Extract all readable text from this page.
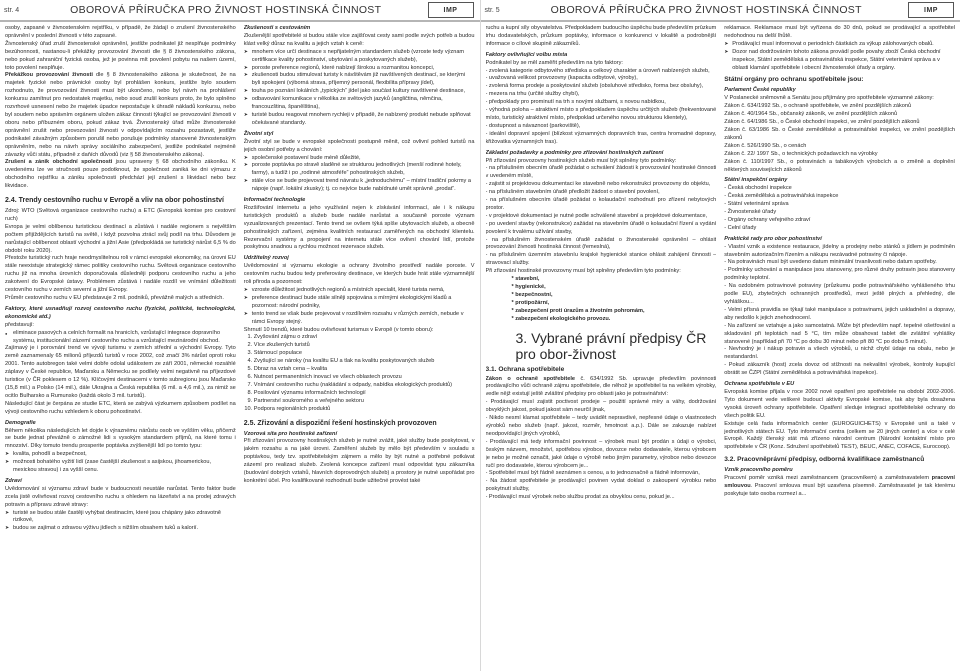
str. 4	OBOROVÁ PŘÍRUČKA PRO ŽIVNOST HOSTINSKÁ ČINNOST	IMP

osoby, zapsané v živnostenském rejstříku, v případě, že žádají o zrušení živnostenského oprávnění v poslední živnosti v této zapsané.

Živnostenský úřad zruší živnostenské oprávnění, jestliže podnikatel již nesplňuje podmínky bezúhonnosti, nastanou-li překážky provozování živnosti dle § 8 živnostenského zákona, nebo pokud zahraniční fyzická osoba, jež je povinna mít povolení pobytu na našem území, toto povolení nesplňuje.

Překážkou provozování živnosti dle § 8 živnostenského zákona je skutečnost, že na majetek fyzické nebo právnické osoby byl prohlášen konkurs, jestliže bylo soudem rozhodnuto, že provozování živnosti musí být ukončeno, nebo byl návrh na prohlášení konkursu zamítnut pro nedostatek majetku, nebo soud zrušil konkurs proto, že bylo splněno rozvrhové usnesení nebo že majetek úpadce nepostačuje k úhradě nákladů konkursu, nebo byl soudem nebo správním orgánem uložen zákaz činnosti týkající se provozování živnosti v oboru nebo příbuzném oboru, pokud zákaz trvá. Živnostenský úřad může živnostenské oprávnění zrušit nebo provozování živnosti v odpovídajícím rozsahu pozastavit, jestliže podnikatel závažným způsobem porušil nebo porušuje podmínky stanovené živnostenským oprávněním, nebo na návrh správy sociálního zabezpečení, jestliže podnikatel nejméně závazky vůči státu, případně z daňích důvodů (viz § 58 živnostenského zákona).

Zrušení a zánik obchodní společnosti jsou upraveny § 68 obchodního zákoníku. K uvedenému lze ve stručnosti pouze podotknout, že společnost zaniká ke dni výmazu z obchodního rejstříku a zániku společnosti předchází její zrušení s likvidací nebo bez likvidace.

2.4. Trendy cestovního ruchu v Evropě a vliv na obor pohostinství

Zdroj: WTO (Světová organizace cestovního ruchu) a ETC (Evropská komise pro cestovní ruch)

Evropa je velmi oblíbenou turistickou destinací a zůstává i nadále regionem s největším počtem přijíždějících turistů na světě, i když pozvolna ztrácí svůj podíl na trhu. Důvodem je narůstající oblíbenost oblastí východní a jižní Asie (předpokládá se turistický nárůst 6,5 % do období roku 2020).

Přestože turistický ruch hraje neodmyslitelnou roli v rámci evropské ekonomiky, na úrovni EU stále neexistuje strategický rámec politiky cestovního ruchu. Světová organizace cestovního ruchu již na mnoha úrovních doporučovala důsledněji podporu cestovního ruchu a jeho zakotvení do Evropské ústavy. Problémem zůstává i nadále rozdíl ve vnímání důležitosti cestovního ruchu v zemích severní a jižní Evropy.

Průměr cestovního ruchu v EU představuje 2 mil. podniků, převážně malých a středních.

Faktory, které usnadňují rozvoj cestovního ruchu (fyzické, politické, technologické, ekonomické atd.)

představují:

● eliminace pasových a celních formalit na hranicích, vzrůstající integrace dopravního systému, institucionální zázemí cestovního ruchu a vzrůstající mezinárodní obchod.

Zajímavý je i porovnání trend ve vývoji turismu v zemích střední a východní Evropy. Tyto země zaznamenaly 65 milionů příjezdů turistů v roce 2002, což značí 3% nárůst oproti roku 2001. Tento autobregon také velmi dobře odolal událostem ze září 2001, německé rozsáhlé záplavy v České republice, Maďarsku a Německu se podílely velmi negativně na příjezdové turistice (v ČR poklesem o 12 %). Klíčovými destinacemi v tomto subregionu jsou Maďarsko (15,8 mil.) a Polsko (14 mil.), dále Ukrajina a Česká republika (6 mil. a 4,6 mil.), za nimiž se ocitlo Bulharsko a Rumunsko (každá okolo 3 mil. turistů).

Následující část je čerpána ze studie ETC, která se zabývá výzkumem způsobem podílet na vývoji cestovního ruchu vzhledem k oboru pohostinství.

Demografie

Během několika následujících let dojde k výraznému nárůstu osob ve vyšším věku, přičemž se bude jednat převážně o zámožné lidi s vysokým standardem příjmů, na které tomu i mnozství. Díky tomuto trendu prosperite poptávka zvýšenější lidí po tomto typu:

➤ kvalita, pohodlí a bezpečnost,
➤ možnosti bohatého vyžití lidí (zase častější zkušenost s asijskou, jihoamerickou, mexickou stravou) i za vyšší cenu.

Zdraví

Uvědomování si významu zdraví bude v budoucnosti neustále narůstat. Tento faktor bude zcela jistě ovlivňovat rozvoj cestovního ruchu s ohledem na lázeňství a na prodej zdravých potravin a přípravu zdravé stravy:

➤ turisté se budou stále častěji vyhýbat destinacím, které jsou chápány jako zdravotně rizikové,
➤ budou se zajímat o zdravou výživu jídlech s nižším obsahem tuků a kalorií.

Zkušenosti s cestováním

Zkušenější spotřebitelé si budou stále více zajišťovat cesty sami podle svých potřeb a budou klást velký důraz na kvalitu a jejich vztah k ceně:

➤ mnohem více určí destinace s nepřijatelným standardem služeb (vzroste tedy význam certifikace kvality pohostinství, ubytování a poskytovaných služeb),
➤ poroste preference regionů, které nabízejí širokou a rozmanitou koncepci,
➤ zkušenosti budou stimulovat turisty k návštěvám již navštívených destinací, se kterými byli spokojeni (výborná strava, příjemný personál, flexibilita přípravy jídel),
➤ touha po poznání lokálních „typických“ jídel jako součást kultury navštívené destinace,
➤ odbavování komunikace v několika ze světových jazyků (angličtina, němčina, francouzština, španělština),
➤ turisté budou reagovat mnohem rychleji v případě, že nabízený produkt nebude splňovat očekávané standardy.

Životní styl

Životní styl se bude v evropské společnosti postupně měnit, což ovlivní pohled turistů na jejich osobní potřeby a chování:

➤ společenské postavení bude méně důležité,
➤ poroste poptávka po stravě sladěné se strukturou jednotlivých (menší rodinné hotely, farmy), a tudíž i po „rodinné atmosféře“ pohostinských služeb,
➤ stále více se bude projevovat trend návratu k „jednoduchému“ – místní tradiční pokrmy a nápoje (např. lokální zkusky); tj. co nejvíce bude nabídnuté umět správně „prodat“.

Informační technologie

Rozšiřování internetu a jeho využívání nejen k získávání informací, ale i k nákupu turistických produktů a služeb bude nadále narůstat a současně poroste význam vyzualizovaných prezentací. Tento trend se ovšem týká spíše ubytovacích služeb, a obecně pohostinských zařízení, zejména kvalitních restaurací zaměřených na obchodní klientelu. Rezervační systémy a propojení na internetu stále více ovlivní chování lidí, protože poskytnou snadnou a rychlou možnost rezervace služeb.

Udržitelný rozvoj

Uvědomování si významu ekologie a ochrany životního prostředí nadále poroste. V cestovním ruchu budou tedy preferovány destinace, ve kterých bude hrát stále významnější roli přiroda a pozornost:

➤ vzroste důležitost jednotlivých regionů a místních specialit, které turista nemá,
➤ preference destinací bude stále silněji spojována s mírnými ekologickými kladů a pozornost: národní podniky,
➤ tento trend se však bude projevovat v rozdílném rozsahu v různých zemích, nebude v rámci Evropy stejný.

Shrnutí 10 trendů, které budou ovlivňovat turismus v Evropě (v tomto oboru):

1. Zvyšování zájmu o zdraví
2. Více zkušených turistů
3. Stárnoucí populace
4. Zvyšující se nároky (na kvalitu EU a tlak na kvalitu poskytovaných služeb
5. Dbraz na vztah cena – kvalita
6. Nutnost permanentních inovací ve všech oblastech provozu
7. Vnímání cestovního ruchu (nakládání s odpady, nabídka ekologických produktů)
8. Posilování významu informačních technologií
9. Partnerství soukromého a veřejného sektoru
10. Podpora regionálních produktů
2.5. Zřizování a dispoziční řešení hostinských provozoven

Vzorová síta pro hostinské zařízení

Při zřizování provozovny hostinských služeb je nutné zvážit, jaké služby bude poskytovat, v jakém rozsahu a na jaké úrovni. Zaměření služeb by mělo být především v souladu s poptávkou, tedy tzv. spotřebitelským zájmem a mělo by být nutné a potřebné potkávat zázemí pro realizaci služeb. Zvolená koncepce zařízení musí odpovídat typu zákazníka (budování dobrých vztahů, hlavních doprovodných služeb) a prostory je nutné uspořádat pro konkrétní účel. Pro kvalifikované rozhodnutí bude užitečné provést také

str. 5	OBOROVÁ PŘÍRUČKA PRO ŽIVNOST HOSTINSKÁ ČINNOST	IMP

ruchu a kupní síly obyvatelstva. Předpokladem budoucího úspěchu bude především průzkum trhu dodavatelských, průzkum poptávky, informace o konkurenci v lokalitě a podrobnější informace o cílové skupině zákazníků.

Faktory ovlivňující volbu místa

Podnikatel by se měl zaměřit především na tyto faktory:

- zvolená kategorie odbytového střediska a celkový charakter a úroveň nabízených služeb,

- uvažovaná velikost provozovny (kapacita odbytové, výroby),

- zvolená forma prodeje a poskytování služeb (obsluhové středisko, forma bez obsluhy),

- mezera na trhu (určité služby chybí),

- předpoklady pro prominutí na trh s novými službami, s novou nabídkou,

- výhodná poloha – atraktivní místo s předpokladem úspěchu určitých služeb (frekventované místo, turistický atraktivní místo, předpoklad určeného novou strukturou klientely),

- dostupnost a návaznost (parkoviště),

- ideální dopravní spojení (blízkost významných dopravních tras, centra hromadné dopravy, křižovatka významných tras).

Základní požadavky a podmínky pro zřizování hostinských zařízení

Při zřizování provozovny hostinských služeb musí být splněny tyto podmínky:

- na příslušném obecním úřadě požádat o schválení žádosti k provozování hostinské činnosti v uvedeném místě,

- zajistit si projektovou dokumentaci ke stavebně nebo rekonstrukci provozovny do objektu,

- na příslušném stavebním úřadě předložit žádost o stavební povolení,

- na příslušném obecním úřadě požádat o kolaudační rozhodnutí pro zřízení nebytových prostor.

- v projektové dokumentaci je nutné podle schválené stavební a projektové dokumentace,

- po uvedení stavby (rekonstrukce) zažádat na stavebním úřadě o kolaudační řízení a vydání povolení k trvalému užívání stavby,

- na příslušném živnostenském úřadě zažádat o živnostenské oprávnění – ohlásit provozování živnosti hostinská činnost (řemeslná),

- na příslušném územním stavebníu krajské hygienické stanice ohlásit zahájení činnosti – stravovací služby.

Při zřizování hostinské provozovny musí být splněny především tyto podmínky:

* stavební,

* hygienické,

* bezpečnostní,

* protipožární,

* zabezpečení proti úrazům a životním pohromám,

* zabezpečení ekologického provozu.

3. Vybrané právní předpisy ČR pro obor-živnost
3.1. Ochrana spotřebitele

Zákon o ochraně spotřebitele č. 634/1992 Sb. upravuje především povinnosti prodávajícího vůči ochraně zájmu spotřebitele, dle něhož je spotřebitel ta na velkém výrobky, vedle nějž existují ještě zvláštní předpisy pro oblasti jako je potravinářství:

- Prodávající musí zajistit poctivost prodeje – použití správné míry a váhy, dodržování obvyklých jakost, pokud jakost sám neurčil jinak,

- Nikdo nesmí klamat spotřebitele – tedy uvádět nepravdivé, nepřesné údaje o vlastnostech výrobků nebo služeb (např. jakost, rozměr, hmotnost a.p.). Dále se zakazuje nabízet neodpovídající jiných výrobků,

- Prodávající má tedy informační povinnost – výrobek musí být prodán s údaji o výrobci, českým názvem, množství, spotřebou výrobce, dovozce nebo dodavatele, kterou výrobcem je nebo je možné označit, jaké údaje o výrobě nebo jiným parametry, výrobce nebo dovozce ručí pro dodavatele, kterou výrobcem je...

- Spotřebitel musí být řádně seznámen s cenou, a to jednoznačně a řádně informován,

- Na žádost spotřebitele je prodávající povinen vydat doklad o zakoupení výrobku nebo poskytnutí služby,

- Prodávající musí výrobek nebo službu prodat za obvyklou cenu, pokud je...

reklamace. Reklamace musí být vyřízena do 30 dnů, pokud se prodávající a spotřebitel nedohodnou na delší lhůtě.

➤ Prodávající musí informovat o periodních částkách za výkup zálohovaných obalů.
➤ Dozor nad dodržováním tohoto zákona provádí podle povahy zboží Česká obchodní inspekce, Státní zemědělská a potravinářská inspekce, Státní veterinární správa a v oblasti klamání spotřebitele i obecní živnostenské úřady a orgány.
Státní orgány pro ochranu spotřebitele jsou:

Parlament České republiky

V Poslanecké sněmovně a Senátu jsou přijímány pro spotřebitele významné zákony:

Zákon č. 634/1992 Sb., o ochraně spotřebitele, ve znění pozdějších zákonů

Zákon č. 40/1964 Sb., občanský zákoník, ve znění pozdějších zákonů

Zákon č. 64/1986 Sb., o České obchodní inspekci, ve znění pozdějších zákonů

Zákon č. 63/1986 Sb. o České zemědělské a potravinářské inspekci, ve znění pozdějších zákonů

Zákon č. 526/1990 Sb., o cenách

Zákon č. 22/ 1997 Sb., o technických požadavcích na výrobky

Zákon č. 110/1997 Sb., o potravinách a tabákových výrobcích a o změně a doplnění některých souvisejících zákonů

Státní inspekční orgány

- Česká obchodní inspekce

- Česká zemědělská a potravinářská inspekce

- Státní veterinární správa

- Živnostenské úřady

- Orgány ochrany veřejného zdraví

- Celní úřady

Praktické rady pro obor pohostinství

- Vlastní vznik a existence restaurace, jídelny a prodejny nebo stánků s jídlem je podmíněn stavebním autorizačním řízením a nákupu nezávadné potraviny či nápoje.

- Na potravinách musí být uvedeno datum minimální trvanlivosti nebo datum spotřeby.

- Podmínky uchování a manipulace jsou stanoveny, pro různé druhy potravin jsou stanoveny podmínky teplotní.

- Na ozdobném potravinové potraviny (průzkumu podle potravinářského vyhlášeného trhu podle EU), zbytečných ochranných prostředků, mezi ještě plných a přehledný, dle vyhláškou...

- Velmi přísná pravidla se týkají také manipulace s potravinami, jejich uskladnění a dopravy, aby nedošlo k jejich znehodnocení.

- Na zařízení se vztahuje a jako samostatná. Může být především např. tepelné ošetřování a skladování při teplotách nad 5 °C, tím může obsahovat tablet dle zvláštní vyhlášky stanovené (například při 70 °C po dobu 30 minut nebo při 80 °C po dobu 5 minut).

- Nevhodný je i nákup potravin a všech výrobků, u nichž chybí údaje na obalu, nebo je nestandardní.

- Pokud zákazník (host) zcela dovoz od stížnosti na nekvalitní výrobek, kontroly kupující obrátit se ČZPI (Státní zemědělská a potravinářská inspekce).

Ochrana spotřebitele v EU

Evropská komise přijala v roce 2002 nové opatření pro spotřebitele na období 2002-2006. Tyto dokument vede veškeré budoucí aktivity Evropské komise, tak aby byla dosažena vysoká úroveň ochrany spotřebitele. Opatření sleduje integraci spotřebitelské ochrany do všech politik EU.

Existuje celá řada informačních center (EUROGUICHETS) v Evropské unii a také v jednotlivých státech EU. Tyto informační centra (celkem se 20 jiných center) a více v celé Evropě. Každý členský stát má zřízeno národní centrum (Národní kontaktní místo pro spotřebitele v ČR (Konz. Sdružení spotřebitelů TEST), BEUC, ANEC, COFACE, Eurocoop).

3.2. Pracovněprávní předpisy, odborná kvalifikace zaměstnanců

Vznik pracovního poměru

Pracovní poměr vzniká mezi zaměstnancem (pracovníkem) a zaměstnavatelem pracovní smlouvou. Pracovní smlouva musí být uzavřena písemně. Zaměstnavatel je tak kterému poskytuje tato osoba rozmezí a...
